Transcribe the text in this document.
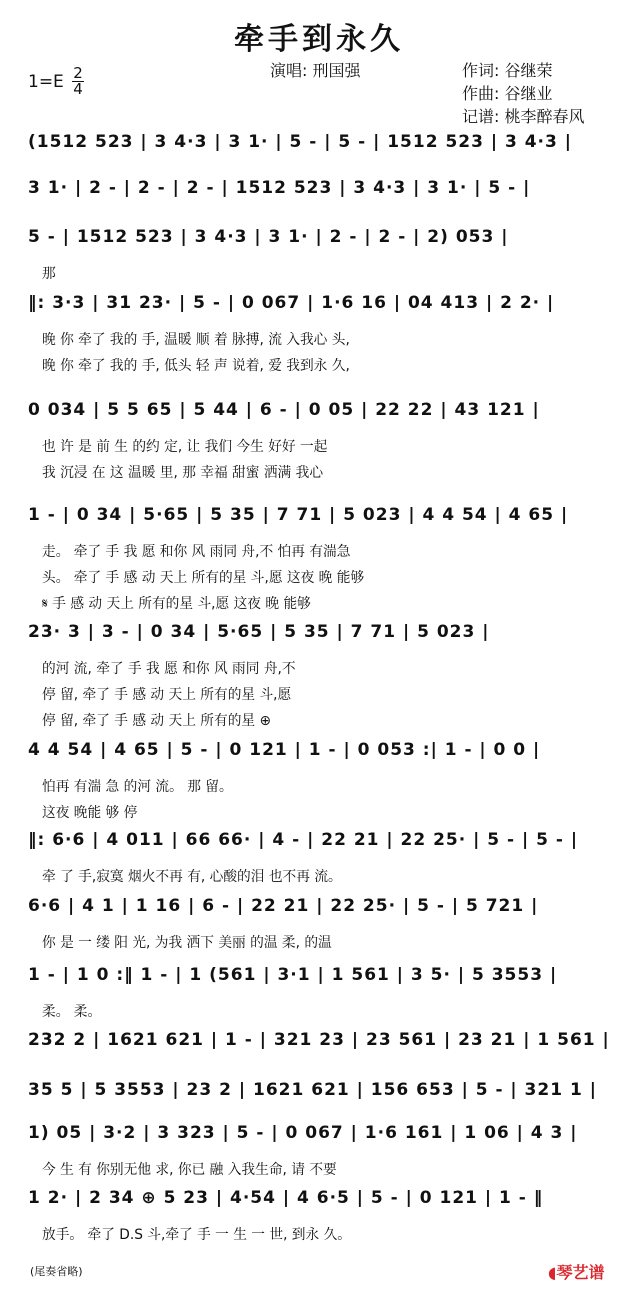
牵手到永久
演唱: 刑国强	作词: 谷继荣
作曲: 谷继业
记谱: 桃李醉春风
1=E 2
4
(1512 523 | 3 4·3 | 3 1· | 5 - | 5 - | 1512 523 | 3 4·3 |
3 1· | 2 - | 2 - | 2 - | 1512 523 | 3 4·3 | 3 1· | 5 - |
5 - | 1512 523 | 3 4·3 | 3 1· | 2 - | 2 - | 2) 053 |
那
‖: 3·3 | 31 23· | 5 - | 0 067 | 1·6 16 | 04 413 | 2 2· |
晚 你 牵了 我的 手, 温暖 顺 着 脉搏, 流 入我心 头,
晚 你 牵了 我的 手, 低头 轻 声 说着, 爱 我到永 久,
0 034 | 5 5 65 | 5 44 | 6 - | 0 05 | 22 22 | 43 121 |
也 许 是 前 生 的约 定, 让 我们 今生 好好 一起
我 沉浸 在 这 温暖 里, 那 幸福 甜蜜 洒满 我心
1 - | 0 34 | 5·65 | 5 35 | 7 71 | 5 023 | 4 4 54 | 4 65 |
走。 牵了 手 我 愿 和你 风 雨同 舟,不 怕再 有湍急
头。 牵了 手 感 动 天上 所有的星 斗,愿 这夜 晚 能够
𝄋 手 感 动 天上 所有的星 斗,愿 这夜 晚 能够
23· 3 | 3 - | 0 34 | 5·65 | 5 35 | 7 71 | 5 023 |
的河 流, 牵了 手 我 愿 和你 风 雨同 舟,不
停 留, 牵了 手 感 动 天上 所有的星 斗,愿
停 留, 牵了 手 感 动 天上 所有的星 ⊕
4 4 54 | 4 65 | 5 - | 0 121 | 1 - | 0 053 :| 1 - | 0 0 |
怕再 有湍 急 的河 流。 那 留。
这夜 晚能 够 停
‖: 6·6 | 4 011 | 66 66· | 4 - | 22 21 | 22 25· | 5 - | 5 - |
牵 了 手,寂寞 烟火不再 有, 心酸的泪 也不再 流。
6·6 | 4 1 | 1 16 | 6 - | 22 21 | 22 25· | 5 - | 5 721 |
你 是 一 缕 阳 光, 为我 洒下 美丽 的温 柔, 的温
1 - | 1 0 :‖ 1 - | 1 (561 | 3·1 | 1 561 | 3 5· | 5 3553 |
柔。 柔。
232 2 | 1621 621 | 1 - | 321 23 | 23 561 | 23 21 | 1 561 |
35 5 | 5 3553 | 23 2 | 1621 621 | 156 653 | 5 - | 321 1 |
1) 05 | 3·2 | 3 323 | 5 - | 0 067 | 1·6 161 | 1 06 | 4 3 |
今 生 有 你别无他 求, 你已 融 入我生命, 请 不要
1 2· | 2 34 ⊕ 5 23 | 4·54 | 4 6·5 | 5 - | 0 121 | 1 - ‖
放手。 牵了 D.S 斗,牵了 手 一 生 一 世, 到永 久。
(尾奏省略)	◖琴艺谱
